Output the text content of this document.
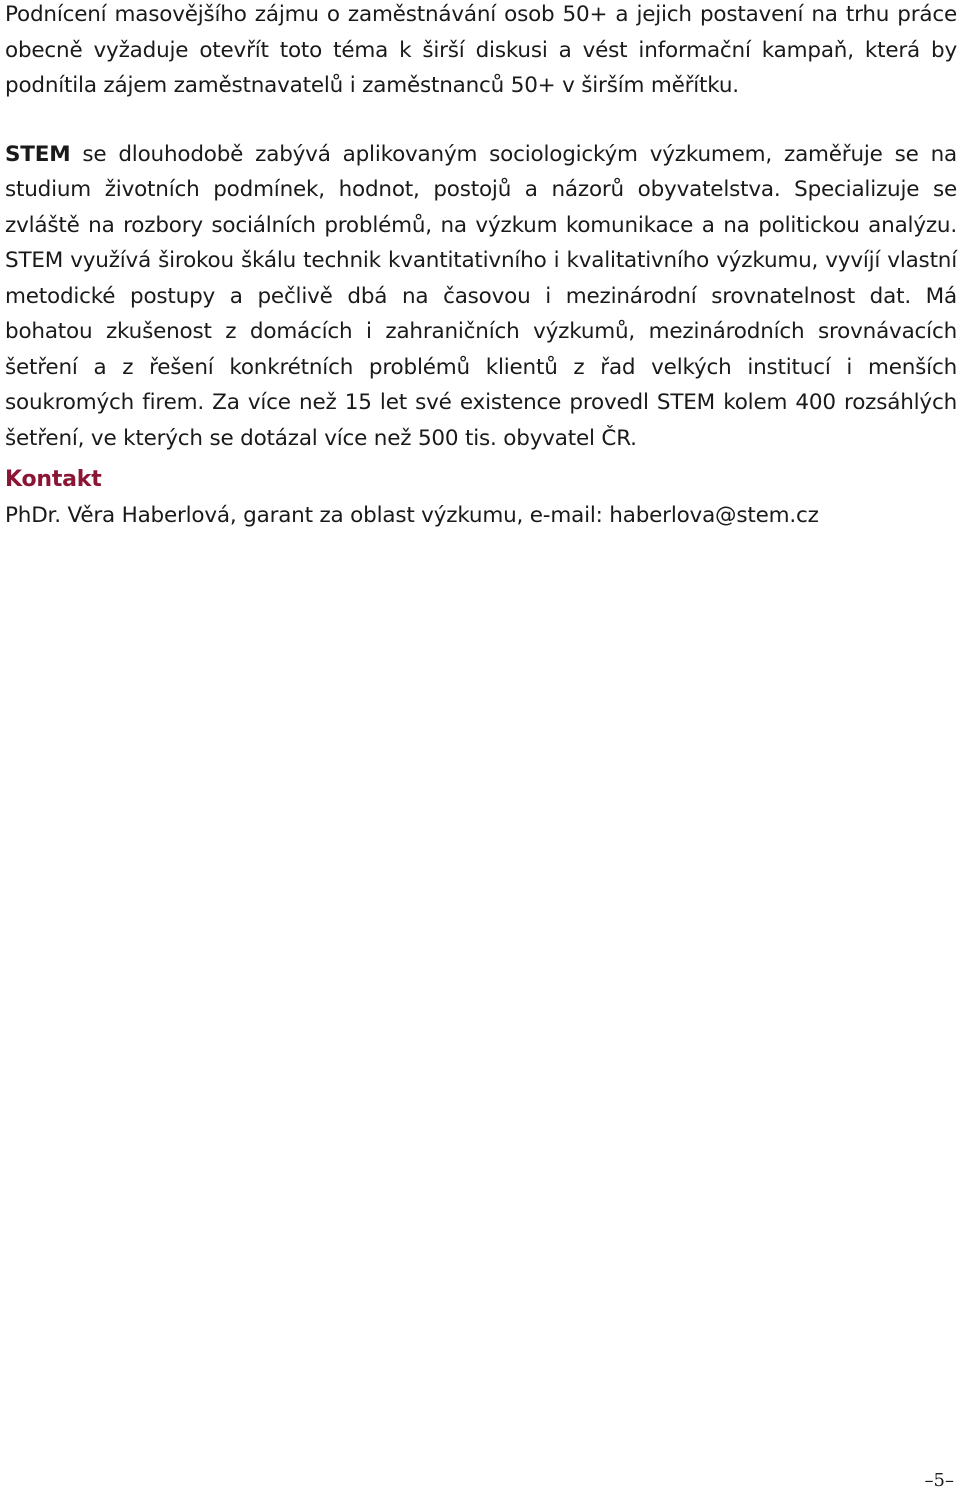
Podnícení masovějšího zájmu o zaměstnávání osob 50+ a jejich postavení na trhu práce obecně vyžaduje otevřít toto téma k širší diskusi a vést informační kampaň, která by podnítila zájem zaměstnavatelů i zaměstnanců 50+ v širším měřítku.

STEM se dlouhodobě zabývá aplikovaným sociologickým výzkumem, zaměřuje se na studium životních podmínek, hodnot, postojů a názorů obyvatelstva. Specializuje se zvláště na rozbory sociálních problémů, na výzkum komunikace a na politickou analýzu. STEM využívá širokou škálu technik kvantitativního i kvalitativního výzkumu, vyvíjí vlastní metodické postupy a pečlivě dbá na časovou i mezinárodní srovnatelnost dat. Má bohatou zkušenost z domácích i zahraničních výzkumů, mezinárodních srovnávacích šetření a z řešení konkrétních problémů klientů z řad velkých institucí i menších soukromých firem. Za více než 15 let své existence provedl STEM kolem 400 rozsáhlých šetření, ve kterých se dotázal více než 500 tis. obyvatel ČR.

Kontakt

PhDr. Věra Haberlová, garant za oblast výzkumu, e-mail: haberlova@stem.cz

–5–
